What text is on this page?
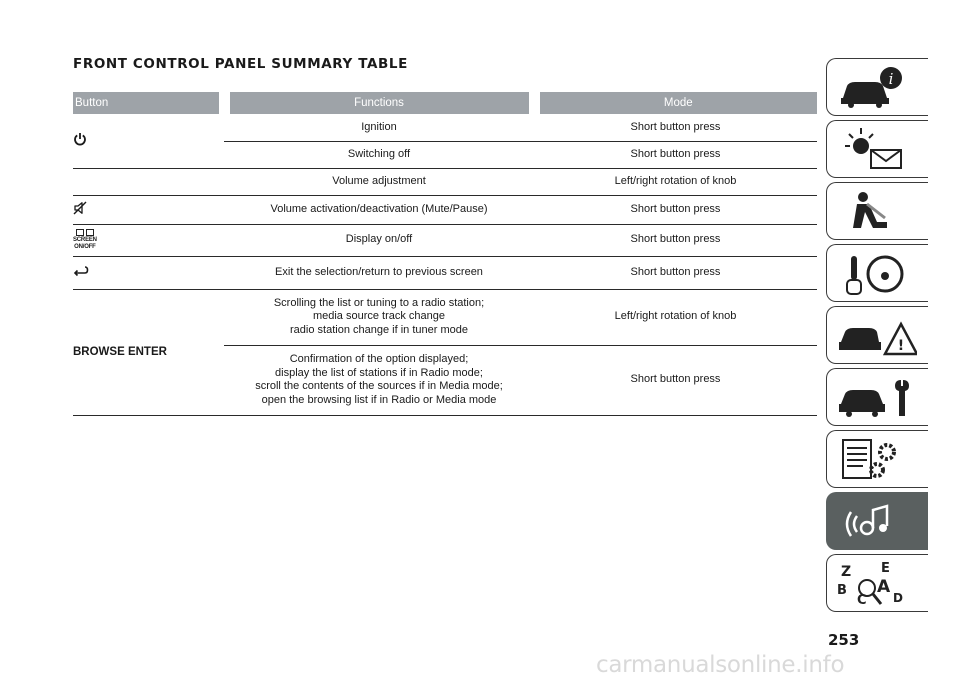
FRONT CONTROL PANEL SUMMARY TABLE
Button	Functions	Mode
	Ignition	Short button press
	Switching off	Short button press
	Volume adjustment	Left/right rotation of knob
	Volume activation/deactivation (Mute/Pause)	Short button press

SCREEN
ON/OFF	Display on/off	Short button press
	Exit the selection/return to previous screen	Short button press
BROWSE ENTER	Scrolling the list or tuning to a radio station;
media source track change
radio station change if in tuner mode	Left/right rotation of knob
	Confirmation of the option displayed;
display the list of stations if in Radio mode;
scroll the contents of the sources if in Media mode;
open the browsing list if in Radio or Media mode	Short button press
i
!
Z E
B A
C D
253
carmanualsonline.info
